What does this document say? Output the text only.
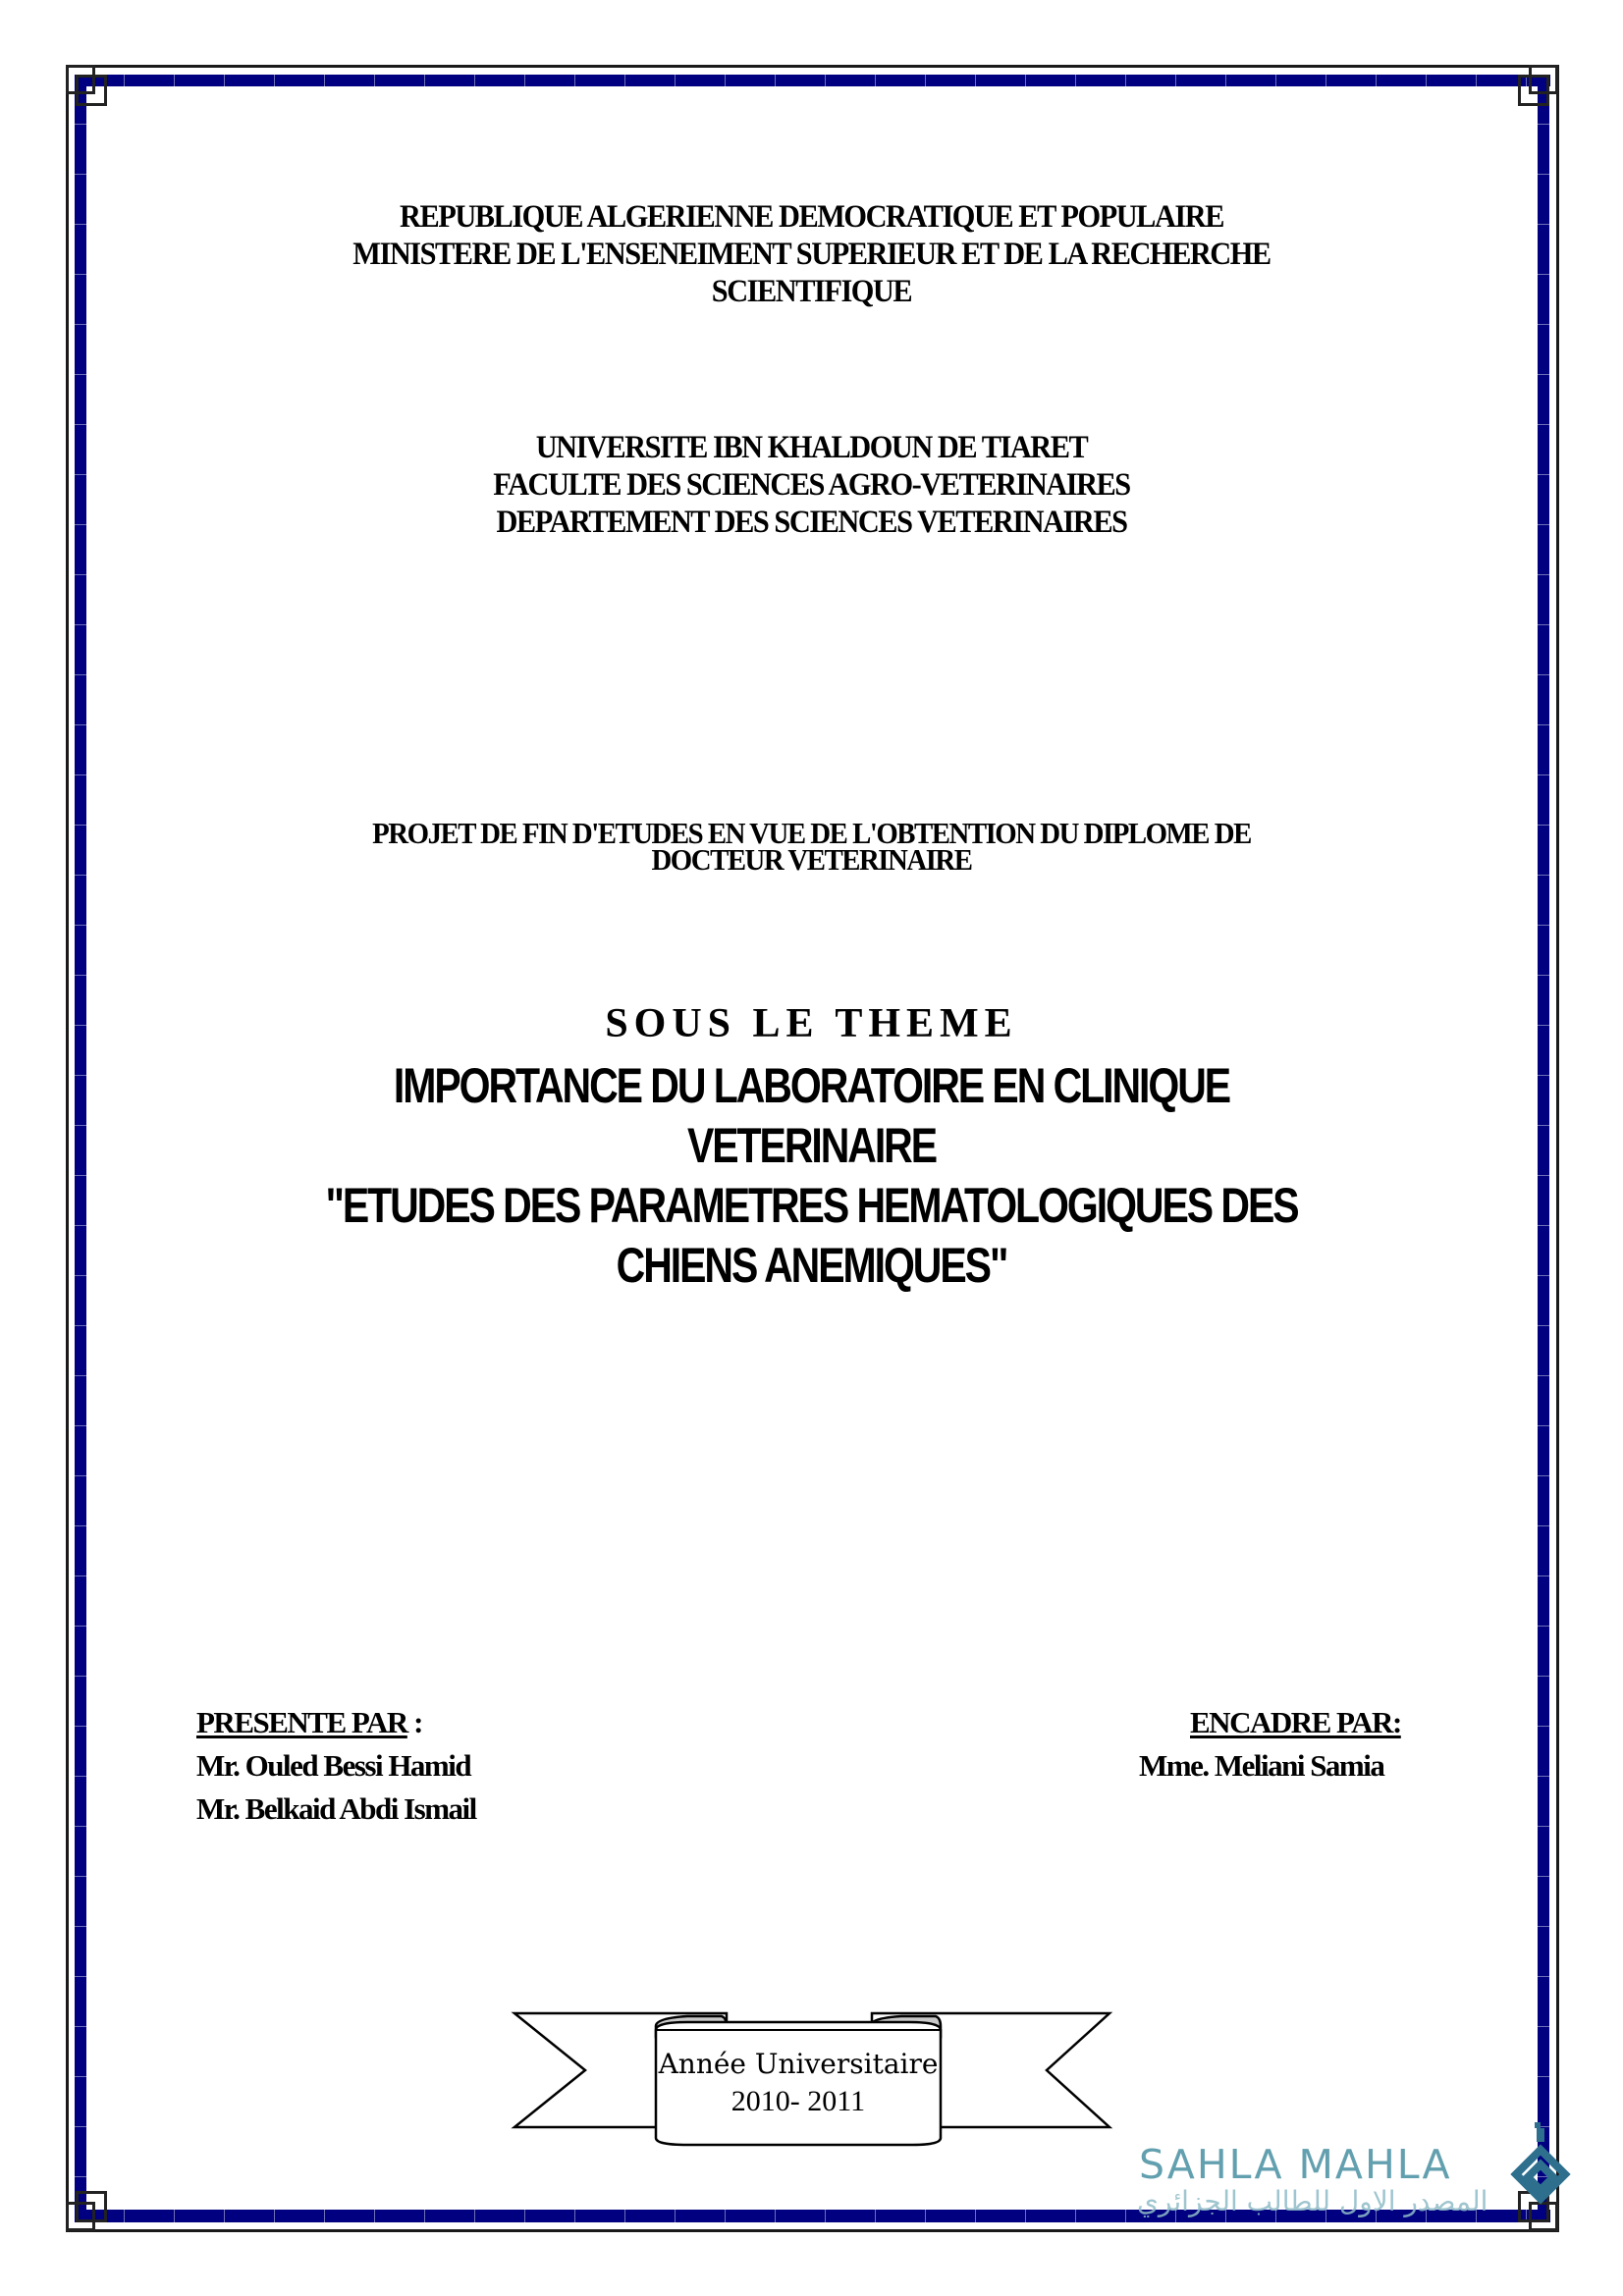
REPUBLIQUE ALGERIENNE DEMOCRATIQUE ET POPULAIRE
MINISTERE DE L'ENSENEIMENT SUPERIEUR ET DE LA RECHERCHE
SCIENTIFIQUE
UNIVERSITE IBN KHALDOUN DE TIARET
FACULTE DES SCIENCES AGRO-VETERINAIRES
DEPARTEMENT DES SCIENCES VETERINAIRES
PROJET DE FIN D'ETUDES EN VUE DE L'OBTENTION DU DIPLOME DE
DOCTEUR VETERINAIRE
SOUS LE THEME
IMPORTANCE DU LABORATOIRE EN CLINIQUE
VETERINAIRE
"ETUDES DES PARAMETRES HEMATOLOGIQUES DES
CHIENS ANEMIQUES"
PRESENTE PAR :
Mr. Ouled Bessi Hamid
Mr. Belkaid Abdi Ismail
ENCADRE PAR:
Mme. Meliani Samia
Année Universitaire
2010- 2011
SAHLA MAHLA
المصدر الاول للطالب الجزائري
